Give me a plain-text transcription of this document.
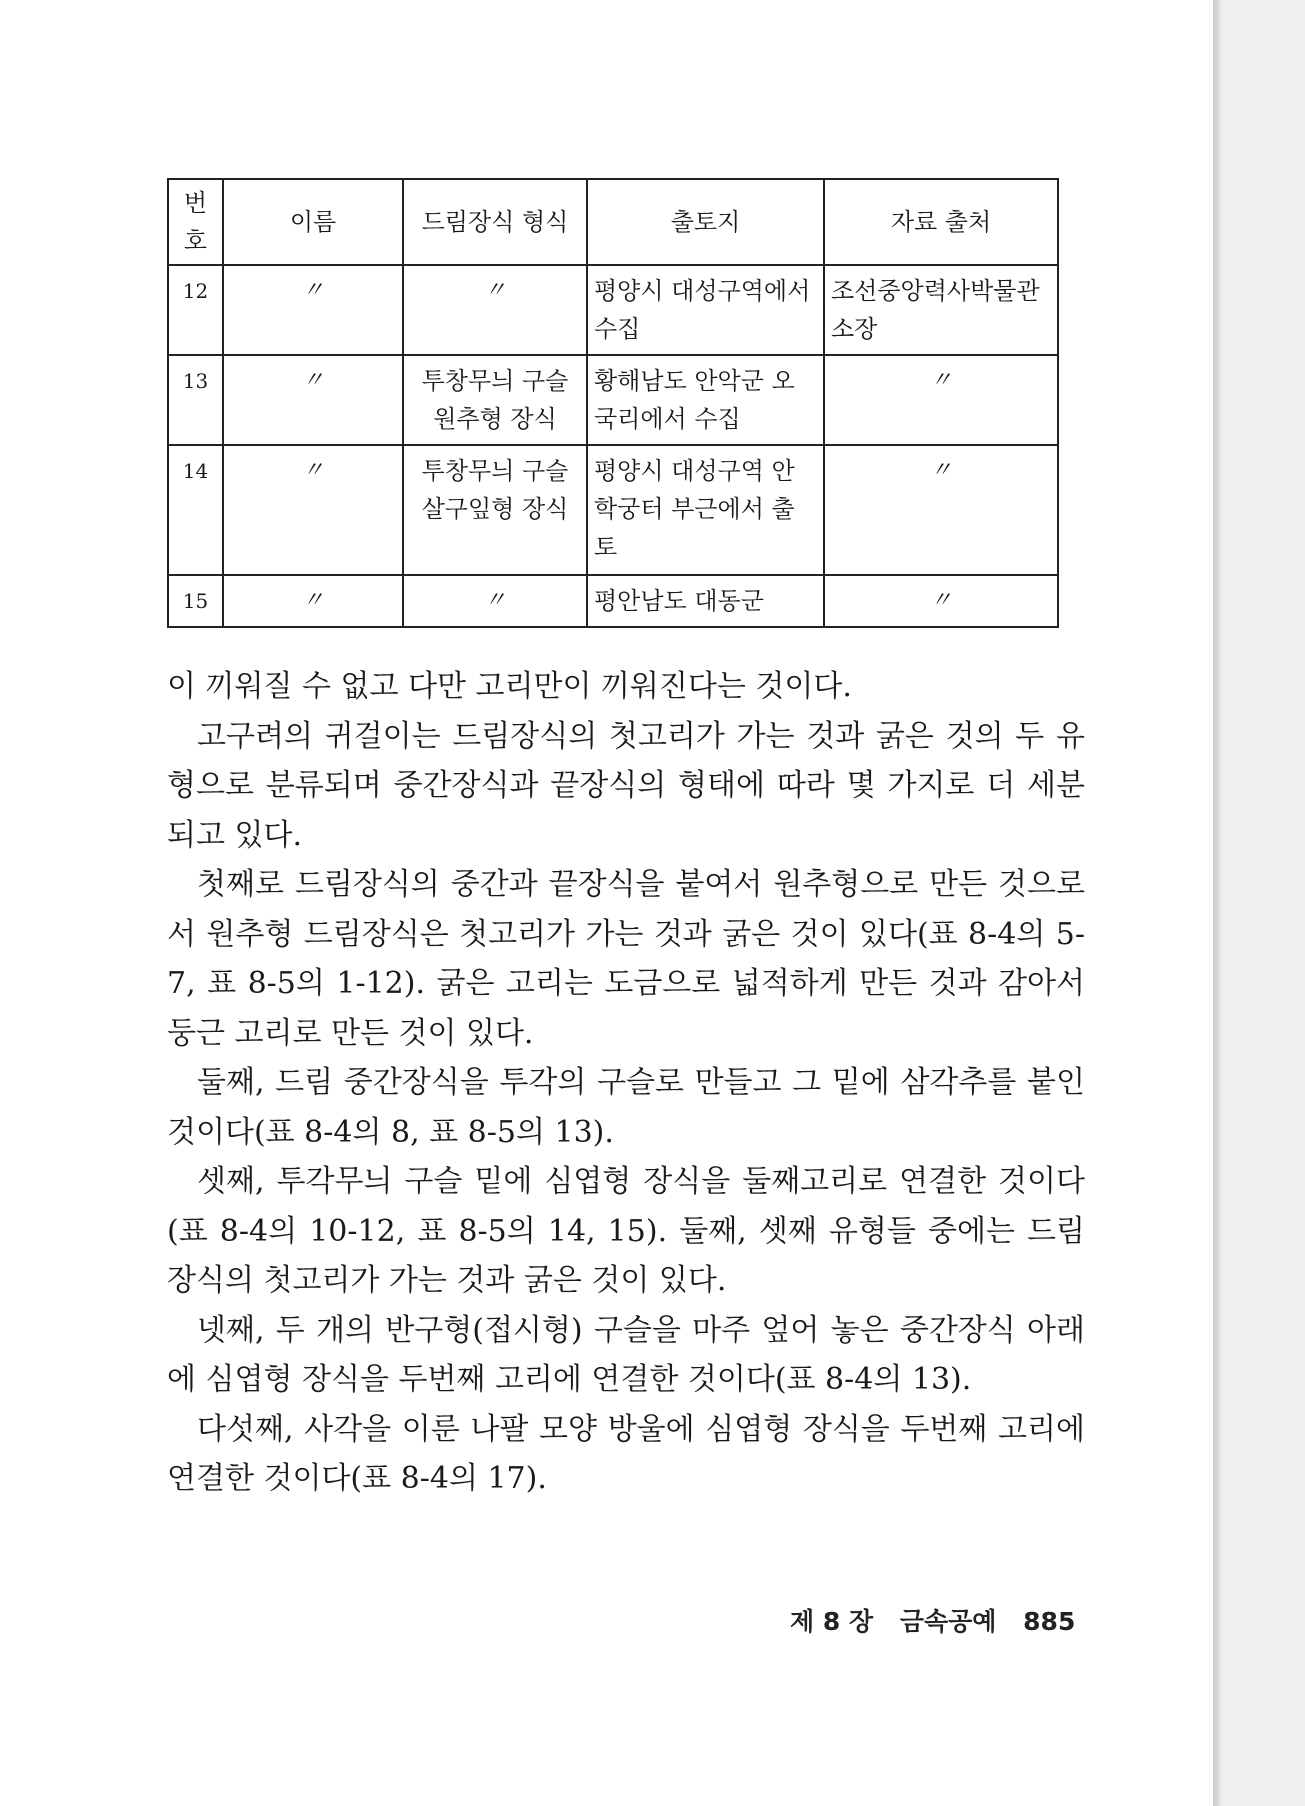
번호	이름	드림장식 형식	출토지	자료 출처
12	〃	〃	평양시 대성구역에서 수집	조선중앙력사박물관 소장
13	〃	투창무늬 구슬 원추형 장식	황해남도 안악군 오국리에서 수집	〃
14	〃	투창무늬 구슬 살구잎형 장식	평양시 대성구역 안학궁터 부근에서 출토	〃
15	〃	〃	평안남도 대동군	〃

이 끼워질 수 없고 다만 고리만이 끼워진다는 것이다.

고구려의 귀걸이는 드림장식의 첫고리가 가는 것과 굵은 것의 두 유형으로 분류되며 중간장식과 끝장식의 형태에 따라 몇 가지로 더 세분되고 있다.

첫째로 드림장식의 중간과 끝장식을 붙여서 원추형으로 만든 것으로서 원추형 드림장식은 첫고리가 가는 것과 굵은 것이 있다(표 8-4의 5-7, 표 8-5의 1-12). 굵은 고리는 도금으로 넓적하게 만든 것과 감아서 둥근 고리로 만든 것이 있다.

둘째, 드림 중간장식을 투각의 구슬로 만들고 그 밑에 삼각추를 붙인 것이다(표 8-4의 8, 표 8-5의 13).

셋째, 투각무늬 구슬 밑에 심엽형 장식을 둘째고리로 연결한 것이다(표 8-4의 10-12, 표 8-5의 14, 15). 둘째, 셋째 유형들 중에는 드림장식의 첫고리가 가는 것과 굵은 것이 있다.

넷째, 두 개의 반구형(접시형) 구슬을 마주 엎어 놓은 중간장식 아래에 심엽형 장식을 두번째 고리에 연결한 것이다(표 8-4의 13).

다섯째, 사각을 이룬 나팔 모양 방울에 심엽형 장식을 두번째 고리에 연결한 것이다(표 8-4의 17).

제 8 장 금속공예 885
